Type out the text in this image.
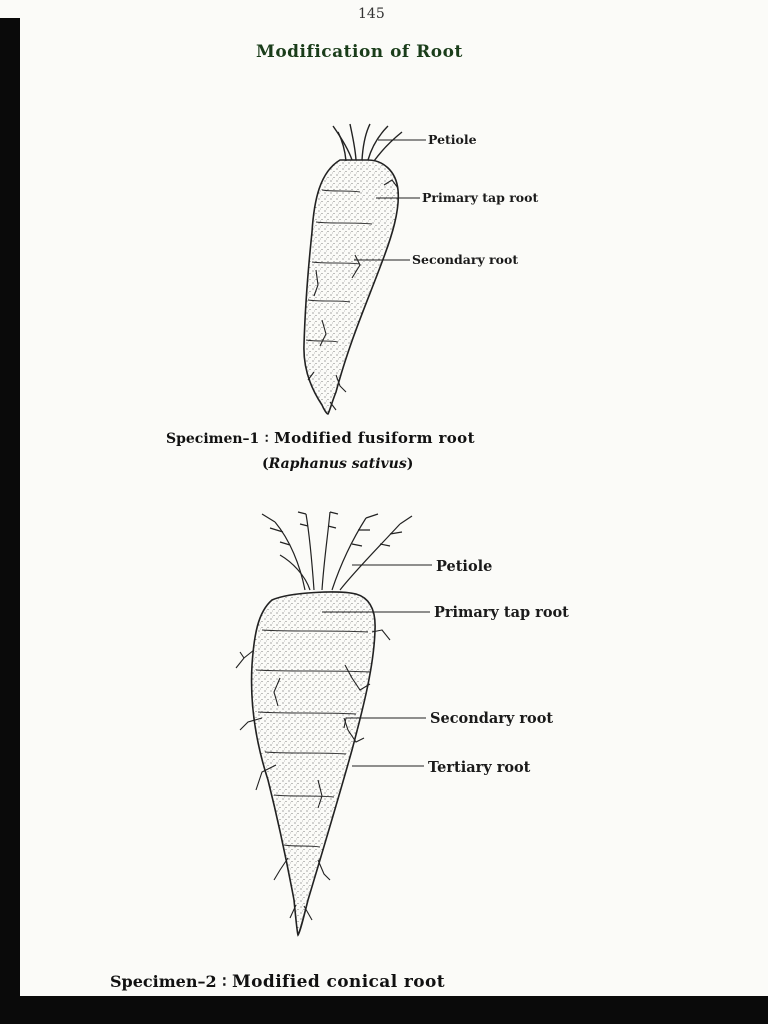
145
Modification of Root
Petiole
Primary tap root
Secondary root
Specimen–1 ∶ Modified fusiform root
(Raphanus sativus)
Petiole
Primary tap root
Secondary root
Tertiary root
Specimen–2 ∶ Modified conical root
